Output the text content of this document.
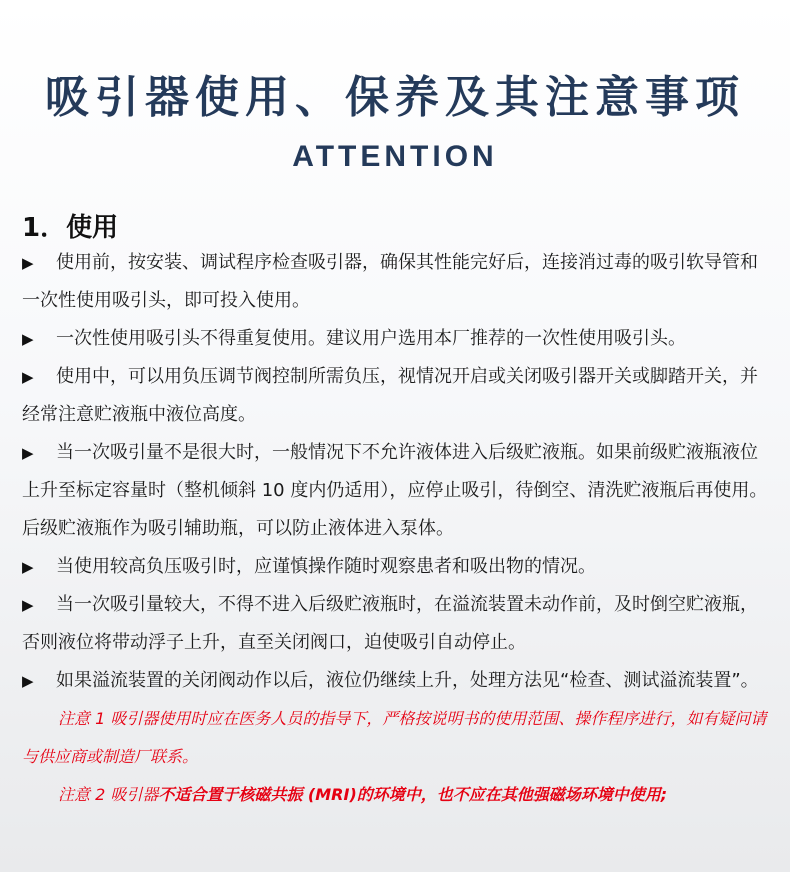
吸引器使用、保养及其注意事项
ATTENTION
1．使用

▶ 使用前，按安装、调试程序检查吸引器，确保其性能完好后，连接消过毒的吸引软导管和一次性使用吸引头，即可投入使用。

▶ 一次性使用吸引头不得重复使用。建议用户选用本厂推荐的一次性使用吸引头。

▶ 使用中，可以用负压调节阀控制所需负压，视情况开启或关闭吸引器开关或脚踏开关，并经常注意贮液瓶中液位高度。

▶ 当一次吸引量不是很大时，一般情况下不允许液体进入后级贮液瓶。如果前级贮液瓶液位上升至标定容量时（整机倾斜 10 度内仍适用），应停止吸引，待倒空、清洗贮液瓶后再使用。后级贮液瓶作为吸引辅助瓶，可以防止液体进入泵体。

▶ 当使用较高负压吸引时，应谨慎操作随时观察患者和吸出物的情况。

▶ 当一次吸引量较大，不得不进入后级贮液瓶时，在溢流装置未动作前，及时倒空贮液瓶，否则液位将带动浮子上升，直至关闭阀口，迫使吸引自动停止。

▶ 如果溢流装置的关闭阀动作以后，液位仍继续上升，处理方法见“检查、测试溢流装置”。

注意 1 吸引器使用时应在医务人员的指导下，严格按说明书的使用范围、操作程序进行，如有疑问请与供应商或制造厂联系。

注意 2 吸引器不适合置于核磁共振 (MRI)的环境中，也不应在其他强磁场环境中使用;
